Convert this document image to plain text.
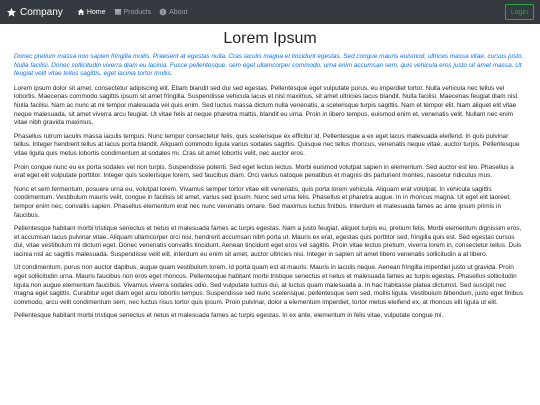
Company	Home	Products	About	Login
Lorem Ipsum

Donec pretium massa non sapien fringilla mollis. Praesent at egestas nulla. Cras iaculis magna et tincidunt egestas. Sed congue mauris euismod, ultrices massa vitae, cursus justo. Nulla facilisi. Donec sollicitudin viverra diam eu lacinia. Fusce pellentesque, sem eget ullamcorper commodo, urna enim accumsan sem, quis vehicula eros justo sit amet massa. Ut feugiat velit vitae tellus sagittis, eget lacinia tortor mollis.

Lorem ipsum dolor sit amet, consectetur adipiscing elit. Etiam blandit sed dui sed egestas. Pellentesque eget vulputate purus, eu imperdiet tortor. Nulla vehicula nec tellus vel lobortis. Maecenas commodo sagittis ipsum sit amet fringilla. Suspendisse vehicula lacus et nisl maximus, sit amet ultricies lacus blandit. Nulla facilisi. Maecenas feugiat diam nisl. Nulla facilisi. Nam ac nunc at mi tempor malesuada vel quis enim. Sed luctus massa dictum nulla venenatis, a scelerisque turpis sagittis. Nam et tempor elit. Nam aliquet elit vitae neque malesuada, sit amet viverra arcu feugiat. Ut vitae felis at neque pharetra mattis, blandit eu urna. Proin in libero tempus, euismod enim et, venenatis velit. Nullam nec enim vitae nibh gravida maximus.

Phasellus rutrum iaculis massa iaculis tempus. Nunc tempor consectetur felis, quis scelerisque ex efficitur id. Pellentesque a ex eget lacus malesuada eleifend. In quis pulvinar tellus. Integer hendrerit tellus at lacus porta blandit. Aliquam commodo ligula varius sodales sagittis. Quisque nec tellus rhoncus, venenatis neque vitae, auctor turpis. Pellentesque vitae ligula quis metus lobortis condimentum at sodales mi. Cras sit amet lobortis velit, nec auctor eros.

Proin congue nunc eu ex porta sodales vel non turpis. Suspendisse potenti. Sed eget lectus lectus. Morbi euismod volutpat sapien in elementum. Sed auctor est leo. Phasellus a erat eget elit vulputate porttitor. Integer quis scelerisque lorem, sed faucibus diam. Orci varius natoque penatibus et magnis dis parturient montes, nascetur ridiculus mus.

Nunc et sem fermentum, posuere urna eu, volutpat lorem. Vivamus semper tortor vitae elit venenatis, quis porta lorem vehicula. Aliquam erat volutpat. In vehicula sagittis condimentum. Vestibulum mauris velit, congue in facilisis sit amet, varius sed ipsum. Nunc sed urna felis. Phasellus et pharetra augue. In in rhoncus magna. Ut eget elit laoreet, tempor enim nec, convallis sapien. Phasellus elementum erat nec nunc venenatis ornare. Sed maximus luctus finibus. Interdum et malesuada fames ac ante ipsum primis in faucibus.

Pellentesque habitant morbi tristique senectus et netus et malesuada fames ac turpis egestas. Nam a justo feugiat, aliquet turpis eu, pretium felis. Morbi elementum dignissim eros, et accumsan lacus pulvinar vitae. Aliquam ullamcorper orci nisi, hendrerit accumsan nibh porta ut. Mauris ex erat, egestas quis porttitor sed, fringilla quis est. Sed egestas cursus dui, vitae vestibulum mi dictum eget. Donec venenatis convallis tincidunt. Aenean tincidunt eget eros vel sagittis. Proin vitae lectus pretium, viverra lorem in, consectetur tellus. Duis lacinia nisl ac sagittis malesuada. Suspendisse velit elit, interdum eu enim sit amet, auctor ultricies nisi. Integer in sapien sit amet libero venenatis sollicitudin a at libero.

Ut condimentum, purus non auctor dapibus, augue quam vestibulum lorem, id porta quam est at mauris. Mauris in iaculis neque. Aenean fringilla imperdiet justo ut gravida. Proin eget sollicitudin urna. Mauris faucibus non eros eget rhoncus. Pellentesque habitant morbi tristique senectus et netus et malesuada fames ac turpis egestas. Phasellus sollicitudin ligula non augue elementum faucibus. Vivamus viverra sodales odio. Sed vulputate luctus dui, at luctus quam malesuada a. In hac habitasse platea dictumst. Sed suscipit nec magna eget sagittis. Curabitur eget diam eget arcu lobortis tempus. Suspendisse sed nunc scelerisque, pellentesque sem sed, mollis ligula. Vestibulum bibendum, justo eget finibus commodo, arcu velit condimentum sem, nec luctus risus tortor quis ipsum. Proin pulvinar, dolor a elementum imperdiet, tortor metus eleifend ex, at rhoncus elit ligula ut elit.

Pellentesque habitant morbi tristique senectus et netus et malesuada fames ac turpis egestas. In ex ante, elementum in felis vitae, vulputate congue mi.
